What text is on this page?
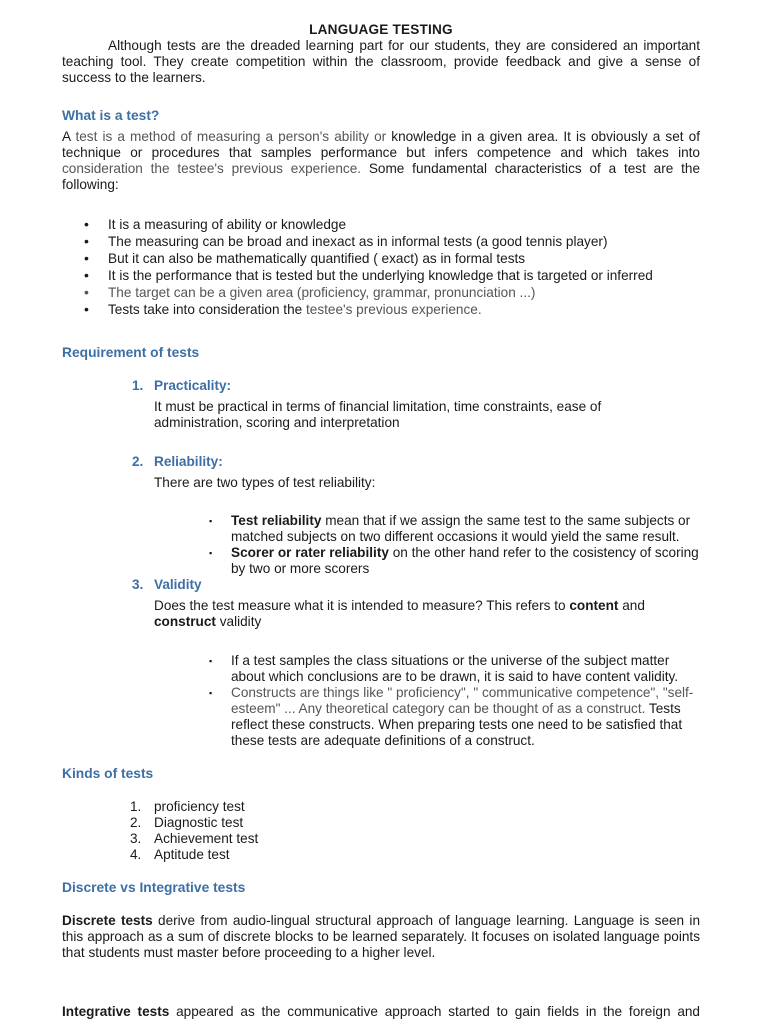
LANGUAGE TESTING

Although tests are the dreaded learning part for our students, they are considered an important teaching tool. They create competition within the classroom, provide feedback and give a sense of success to the learners.

What is a test?

A test is a method of measuring a person's ability or knowledge in a given area. It is obviously a set of technique or procedures that samples performance but infers competence and which takes into consideration the testee's previous experience. Some fundamental characteristics of a test are the following:

• It is a measuring of ability or knowledge
• The measuring can be broad and inexact as in informal tests (a good tennis player)
• But it can also be mathematically quantified ( exact) as in formal tests
• It is the performance that is tested but the underlying knowledge that is targeted or inferred
• The target can be a given area (proficiency, grammar, pronunciation ...)
• Tests take into consideration the testee's previous experience.

Requirement of tests

1. Practicality:

It must be practical in terms of financial limitation, time constraints, ease of administration, scoring and interpretation

2. Reliability:

There are two types of test reliability:

▪ Test reliability mean that if we assign the same test to the same subjects or matched subjects on two different occasions it would yield the same result.
▪ Scorer or rater reliability on the other hand refer to the cosistency of scoring by two or more scorers
3. Validity

Does the test measure what it is intended to measure? This refers to content and construct validity

▪ If a test samples the class situations or the universe of the subject matter about which conclusions are to be drawn, it is said to have content validity.
▪ Constructs are things like " proficiency", " communicative competence", "self-esteem" ... Any theoretical category can be thought of as a construct. Tests reflect these constructs. When preparing tests one need to be satisfied that these tests are adequate definitions of a construct.

Kinds of tests

1. proficiency test
2. Diagnostic test
3. Achievement test
4. Aptitude test

Discrete vs Integrative tests

Discrete tests derive from audio-lingual structural approach of language learning. Language is seen in this approach as a sum of discrete blocks to be learned separately. It focuses on isolated language points that students must master before proceeding to a higher level.

Integrative tests appeared as the communicative approach started to gain fields in the foreign and
